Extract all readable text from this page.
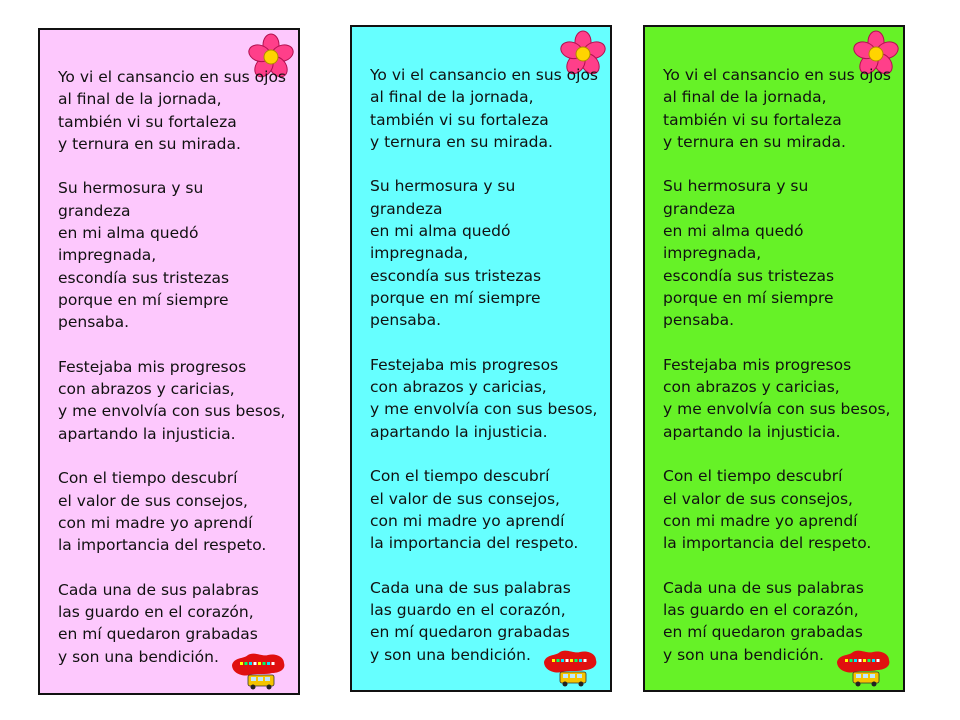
Yo vi el cansancio en sus ojos
al final de la jornada,
también vi su fortaleza
y ternura en su mirada.
Su hermosura y su
grandeza
en mi alma quedó
impregnada,
escondía sus tristezas
porque en mí siempre
pensaba.
Festejaba mis progresos
con abrazos y caricias,
y me envolvía con sus besos,
apartando la injusticia.
Con el tiempo descubrí
el valor de sus consejos,
con mi madre yo aprendí
la importancia del respeto.
Cada una de sus palabras
las guardo en el corazón,
en mí quedaron grabadas
y son una bendición.
Yo vi el cansancio en sus ojos
al final de la jornada,
también vi su fortaleza
y ternura en su mirada.
Su hermosura y su
grandeza
en mi alma quedó
impregnada,
escondía sus tristezas
porque en mí siempre
pensaba.
Festejaba mis progresos
con abrazos y caricias,
y me envolvía con sus besos,
apartando la injusticia.
Con el tiempo descubrí
el valor de sus consejos,
con mi madre yo aprendí
la importancia del respeto.
Cada una de sus palabras
las guardo en el corazón,
en mí quedaron grabadas
y son una bendición.
Yo vi el cansancio en sus ojos
al final de la jornada,
también vi su fortaleza
y ternura en su mirada.
Su hermosura y su
grandeza
en mi alma quedó
impregnada,
escondía sus tristezas
porque en mí siempre
pensaba.
Festejaba mis progresos
con abrazos y caricias,
y me envolvía con sus besos,
apartando la injusticia.
Con el tiempo descubrí
el valor de sus consejos,
con mi madre yo aprendí
la importancia del respeto.
Cada una de sus palabras
las guardo en el corazón,
en mí quedaron grabadas
y son una bendición.
